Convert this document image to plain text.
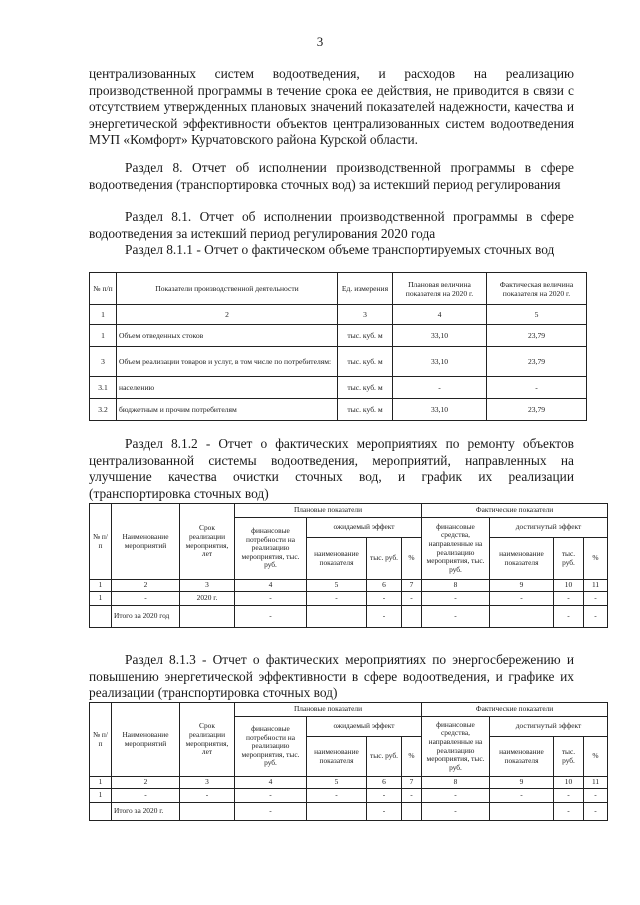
3

централизованных систем водоотведения, и расходов на реализацию производственной программы в течение срока ее действия, не приводится в связи с отсутствием утвержденных плановых значений показателей надежности, качества и энергетической эффективности объектов централизованных систем водоотведения МУП «Комфорт» Курчатовского района Курской области.

Раздел 8. Отчет об исполнении производственной программы в сфере водоотведения (транспортировка сточных вод) за истекший период регулирования

Раздел 8.1. Отчет об исполнении производственной программы в сфере водоотведения за истекший период регулирования 2020 года

Раздел 8.1.1 - Отчет о фактическом объеме транспортируемых сточных вод

№ п/п	Показатели производственной деятельности	Ед. измерения	Плановая величина показателя на 2020 г.	Фактическая величина показателя на 2020 г.
1	2	3	4	5
1	Объем отведенных стоков	тыс. куб. м	33,10	23,79
3	Объем реализации товаров и услуг, в том числе по потребителям:	тыс. куб. м	33,10	23,79
3.1	населению	тыс. куб. м	-	-
3.2	бюджетным и прочим потребителям	тыс. куб. м	33,10	23,79

Раздел 8.1.2 - Отчет о фактических мероприятиях по ремонту объектов централизованной системы водоотведения, мероприятий, направленных на улучшение качества очистки сточных вод, и график их реализации (транспортировка сточных вод)

№ п/п	Наименование мероприятий	Срок реализации мероприятия, лет	Плановые показатели				Фактические показатели			
			финансовые потребности на реализацию мероприятия, тыс. руб.	ожидаемый эффект			финансовые средства, направленные на реализацию мероприятия, тыс. руб.	достигнутый эффект		
				наименование показателя	тыс. руб.	%		наименование показателя	тыс. руб.	%
1	2	3	4	5	6	7	8	9	10	11
1	-	2020 г.	-	-	-	-	-	-	-	-
	Итого за 2020 год		-		-		-		-	-

Раздел 8.1.3 - Отчет о фактических мероприятиях по энергосбережению и повышению энергетической эффективности в сфере водоотведения, и графике их реализации (транспортировка сточных вод)

№ п/п	Наименование мероприятий	Срок реализации мероприятия, лет	Плановые показатели				Фактические показатели			
			финансовые потребности на реализацию мероприятия, тыс. руб.	ожидаемый эффект			финансовые средства, направленные на реализацию мероприятия, тыс. руб.	достигнутый эффект		
				наименование показателя	тыс. руб.	%		наименование показателя	тыс. руб.	%
1	2	3	4	5	6	7	8	9	10	11
1	-	-	-	-	-	-	-	-	-	-
	Итого за 2020 г.		-		-		-		-	-
